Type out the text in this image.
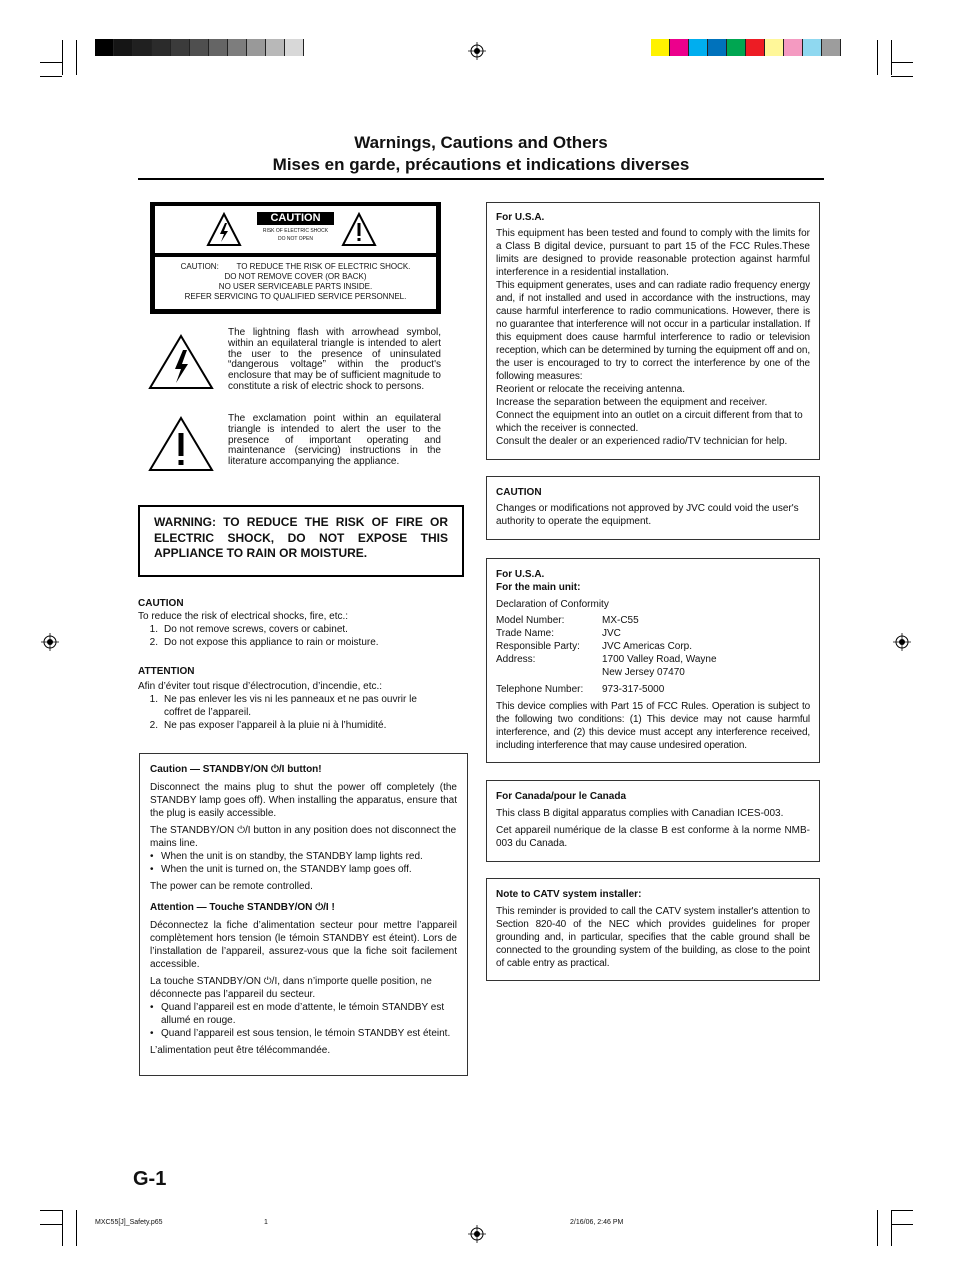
Warnings, Cautions and Others
Mises en garde, précautions et indications diverses
CAUTION
RISK OF ELECTRIC SHOCK
DO NOT OPEN
CAUTION: TO REDUCE THE RISK OF ELECTRIC SHOCK.
DO NOT REMOVE COVER (OR BACK)
NO USER SERVICEABLE PARTS INSIDE.
REFER SERVICING TO QUALIFIED SERVICE PERSONNEL.
The lightning flash with arrowhead symbol, within an equilateral triangle is intended to alert the user to the presence of uninsulated “dangerous voltage” within the product's enclosure that may be of sufficient magnitude to constitute a risk of electric shock to persons.
The exclamation point within an equilateral triangle is intended to alert the user to the presence of important operating and maintenance (servicing) instructions in the literature accompanying the appliance.
WARNING: TO REDUCE THE RISK OF FIRE OR ELECTRIC SHOCK, DO NOT EXPOSE THIS APPLIANCE TO RAIN OR MOISTURE.
CAUTION
To reduce the risk of electrical shocks, fire, etc.:
1. Do not remove screws, covers or cabinet.
2. Do not expose this appliance to rain or moisture.
ATTENTION
Afin d’éviter tout risque d’électrocution, d’incendie, etc.:
1. Ne pas enlever les vis ni les panneaux et ne pas ouvrir le coffret de l’appareil.
2. Ne pas exposer l’appareil à la pluie ni à l’humidité.
Caution — STANDBY/ON ⏻/I button!

Disconnect the mains plug to shut the power off completely (the STANDBY lamp goes off). When installing the apparatus, ensure that the plug is easily accessible.

The STANDBY/ON ⏻/I button in any position does not disconnect the mains line.

• When the unit is on standby, the STANDBY lamp lights red.
• When the unit is turned on, the STANDBY lamp goes off.

The power can be remote controlled.

Attention — Touche STANDBY/ON ⏻/I !

Déconnectez la fiche d’alimentation secteur pour mettre l’appareil complètement hors tension (le témoin STANDBY est éteint). Lors de l’installation de l’appareil, assurez-vous que la fiche soit facilement accessible.

La touche STANDBY/ON ⏻/I, dans n’importe quelle position, ne déconnecte pas l’appareil du secteur.

• Quand l’appareil est en mode d’attente, le témoin STANDBY est allumé en rouge.
• Quand l’appareil est sous tension, le témoin STANDBY est éteint.

L’alimentation peut être télécommandée.

For U.S.A.

This equipment has been tested and found to comply with the limits for a Class B digital device, pursuant to part 15 of the FCC Rules.These limits are designed to provide reasonable protection against harmful interference in a residential installation.

This equipment generates, uses and can radiate radio frequency energy and, if not installed and used in accordance with the instructions, may cause harmful interference to radio communications. However, there is no guarantee that interference will not occur in a particular installation. If this equipment does cause harmful interference to radio or television reception, which can be determined by turning the equipment off and on, the user is encouraged to try to correct the interference by one of the following measures:

Reorient or relocate the receiving antenna.

Increase the separation between the equipment and receiver.

Connect the equipment into an outlet on a circuit different from that to which the receiver is connected.

Consult the dealer or an experienced radio/TV technician for help.

CAUTION

Changes or modifications not approved by JVC could void the user's authority to operate the equipment.

For U.S.A.
For the main unit:
Declaration of Conformity
Model Number:	MX-C55
Trade Name:	JVC
Responsible Party:	JVC Americas Corp.
Address:	1700 Valley Road, Wayne
New Jersey 07470
Telephone Number:	973-317-5000

This device complies with Part 15 of FCC Rules. Operation is subject to the following two conditions: (1) This device may not cause harmful interference, and (2) this device must accept any interference received, including interference that may cause undesired operation.

For Canada/pour le Canada

This class B digital apparatus complies with Canadian ICES-003.

Cet appareil numérique de la classe B est conforme à la norme NMB-003 du Canada.

Note to CATV system installer:

This reminder is provided to call the CATV system installer's attention to Section 820-40 of the NEC which provides guidelines for proper grounding and, in particular, specifies that the cable ground shall be connected to the grounding system of the building, as close to the point of cable entry as practical.

G-1
MXC55[J]_Safety.p65	1	2/16/06, 2:46 PM
